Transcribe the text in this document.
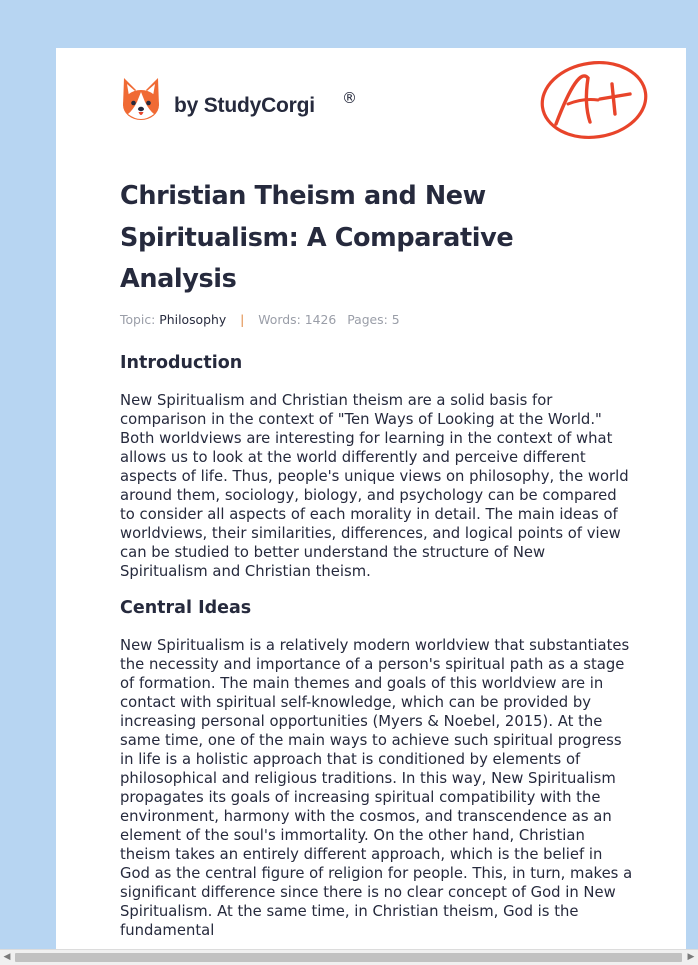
by StudyCorgi ®
A+
Christian Theism and New Spiritualism: A Comparative Analysis
Topic: Philosophy | Words: 1426 Pages: 5
Introduction

New Spiritualism and Christian theism are a solid basis for comparison in the context of "Ten Ways of Looking at the World." Both worldviews are interesting for learning in the context of what allows us to look at the world differently and perceive different aspects of life. Thus, people's unique views on philosophy, the world around them, sociology, biology, and psychology can be compared to consider all aspects of each morality in detail. The main ideas of worldviews, their similarities, differences, and logical points of view can be studied to better understand the structure of New Spiritualism and Christian theism.

Central Ideas

New Spiritualism is a relatively modern worldview that substantiates the necessity and importance of a person's spiritual path as a stage of formation. The main themes and goals of this worldview are in contact with spiritual self-knowledge, which can be provided by increasing personal opportunities (Myers & Noebel, 2015). At the same time, one of the main ways to achieve such spiritual progress in life is a holistic approach that is conditioned by elements of philosophical and religious traditions. In this way, New Spiritualism propagates its goals of increasing spiritual compatibility with the environment, harmony with the cosmos, and transcendence as an element of the soul's immortality. On the other hand, Christian theism takes an entirely different approach, which is the belief in God as the central figure of religion for people. This, in turn, makes a significant difference since there is no clear concept of God in New Spiritualism. At the same time, in Christian theism, God is the fundamental

◀	▶
